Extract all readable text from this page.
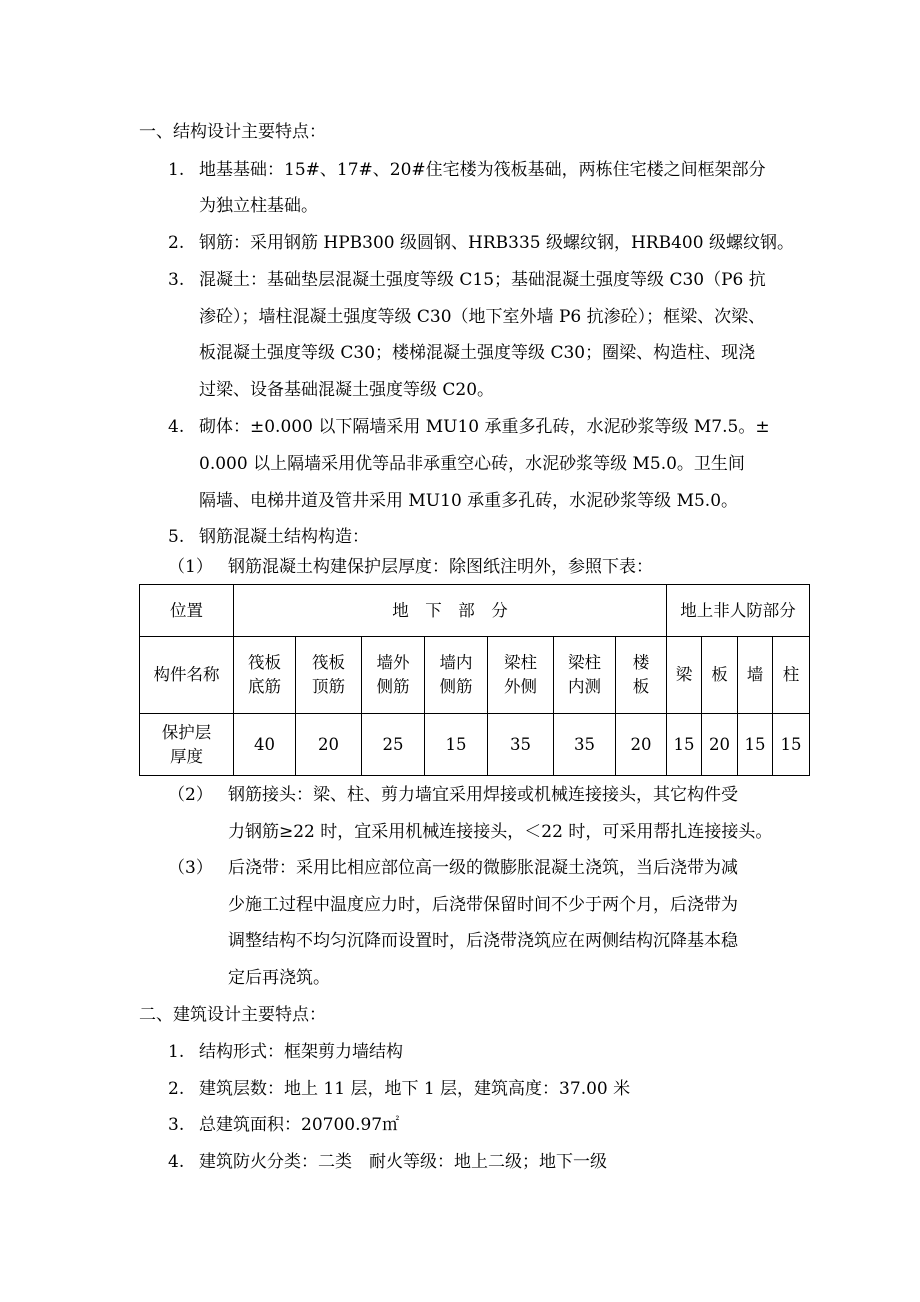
一、结构设计主要特点：
1. 地基基础：15#、17#、20#住宅楼为筏板基础，两栋住宅楼之间框架部分
为独立柱基础。
2. 钢筋：采用钢筋 HPB300 级圆钢、HRB335 级螺纹钢，HRB400 级螺纹钢。
3. 混凝土：基础垫层混凝土强度等级 C15；基础混凝土强度等级 C30（P6 抗
渗砼）；墙柱混凝土强度等级 C30（地下室外墙 P6 抗渗砼）；框梁、次梁、
板混凝土强度等级 C30；楼梯混凝土强度等级 C30；圈梁、构造柱、现浇
过梁、设备基础混凝土强度等级 C20。
4. 砌体：±0.000 以下隔墙采用 MU10 承重多孔砖，水泥砂浆等级 M7.5。±
0.000 以上隔墙采用优等品非承重空心砖，水泥砂浆等级 M5.0。卫生间
隔墙、电梯井道及管井采用 MU10 承重多孔砖，水泥砂浆等级 M5.0。
5. 钢筋混凝土结构构造：
（1） 钢筋混凝土构建保护层厚度：除图纸注明外，参照下表：
位置	地　下　部　分							地上非人防部分			

构件名称	筏板底筋	筏板顶筋	墙外侧筋	墙内侧筋	梁柱外侧	梁柱内测	楼板	梁	板	墙	柱

保护层厚度	40	20	25	15	35	35	20	15	20	15	15
（2） 钢筋接头：梁、柱、剪力墙宜采用焊接或机械连接接头，其它构件受
力钢筋≥22 时，宜采用机械连接接头，＜22 时，可采用帮扎连接接头。
（3） 后浇带：采用比相应部位高一级的微膨胀混凝土浇筑，当后浇带为减
少施工过程中温度应力时，后浇带保留时间不少于两个月，后浇带为
调整结构不均匀沉降而设置时，后浇带浇筑应在两侧结构沉降基本稳
定后再浇筑。
二、建筑设计主要特点：
1. 结构形式：框架剪力墙结构
2. 建筑层数：地上 11 层，地下 1 层，建筑高度：37.00 米
3. 总建筑面积：20700.97㎡
4. 建筑防火分类：二类　耐火等级：地上二级；地下一级
